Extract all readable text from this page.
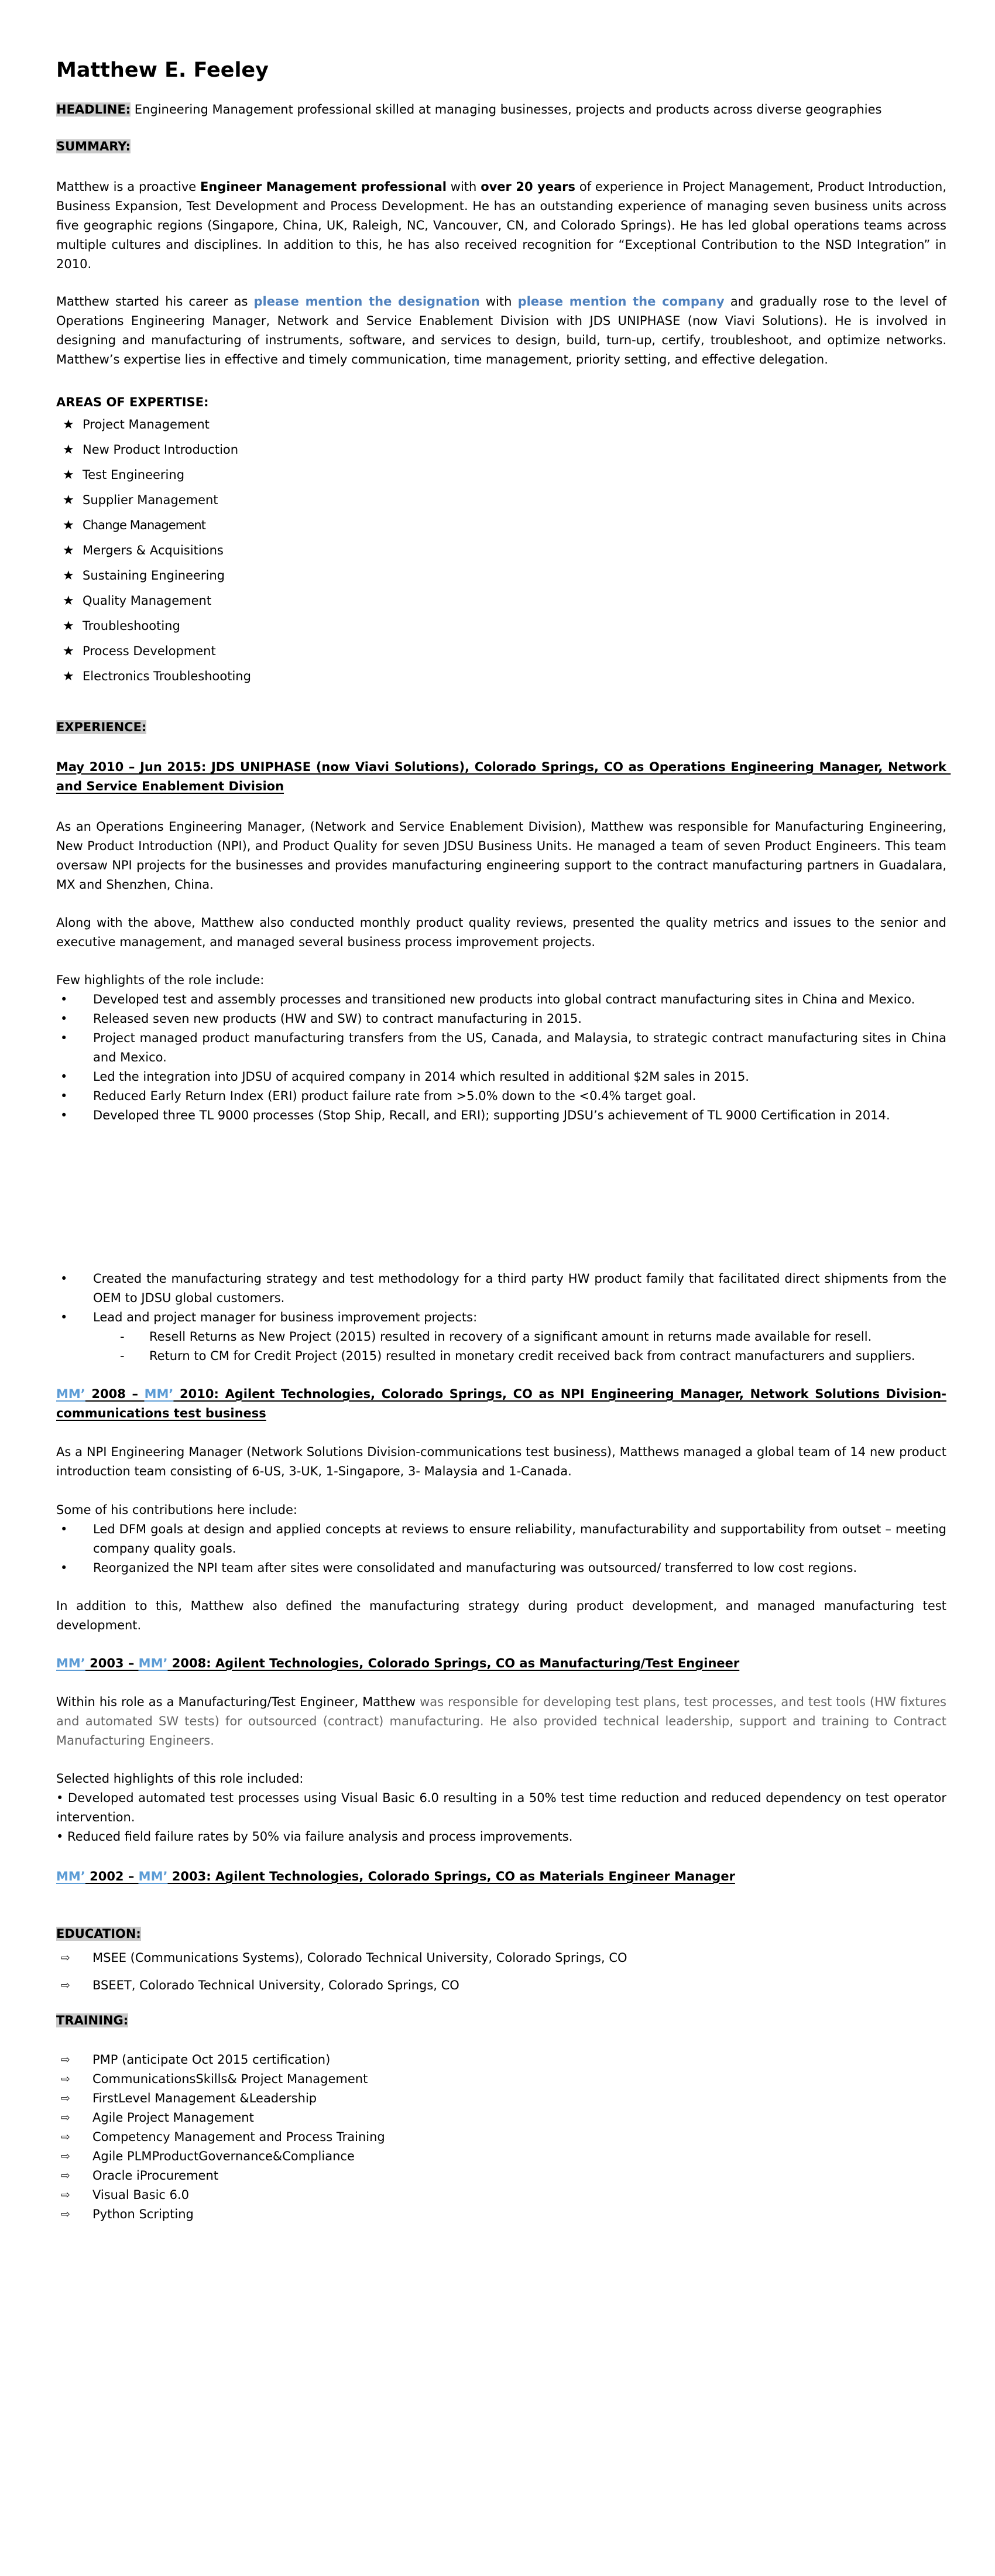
Matthew E. Feeley
HEADLINE: Engineering Management professional skilled at managing businesses, projects and products across diverse geographies
SUMMARY:
Matthew is a proactive Engineer Management professional with over 20 years of experience in Project Management, Product Introduction, Business Expansion, Test Development and Process Development. He has an outstanding experience of managing seven business units across five geographic regions (Singapore, China, UK, Raleigh, NC, Vancouver, CN, and Colorado Springs). He has led global operations teams across multiple cultures and disciplines. In addition to this, he has also received recognition for “Exceptional Contribution to the NSD Integration” in 2010.
Matthew started his career as please mention the designation with please mention the company and gradually rose to the level of Operations Engineering Manager, Network and Service Enablement Division with JDS UNIPHASE (now Viavi Solutions). He is involved in designing and manufacturing of instruments, software, and services to design, build, turn-up, certify, troubleshoot, and optimize networks. Matthew’s expertise lies in effective and timely communication, time management, priority setting, and effective delegation.
AREAS OF EXPERTISE:
★ Project Management
★ New Product Introduction
★ Test Engineering
★ Supplier Management
★ Change Management
★ Mergers & Acquisitions
★ Sustaining Engineering
★ Quality Management
★ Troubleshooting
★ Process Development
★ Electronics Troubleshooting
EXPERIENCE:
May 2010 – Jun 2015: JDS UNIPHASE (now Viavi Solutions), Colorado Springs, CO as Operations Engineering Manager, Network and Service Enablement Division
As an Operations Engineering Manager, (Network and Service Enablement Division), Matthew was responsible for Manufacturing Engineering, New Product Introduction (NPI), and Product Quality for seven JDSU Business Units. He managed a team of seven Product Engineers. This team oversaw NPI projects for the businesses and provides manufacturing engineering support to the contract manufacturing partners in Guadalara, MX and Shenzhen, China.
Along with the above, Matthew also conducted monthly product quality reviews, presented the quality metrics and issues to the senior and executive management, and managed several business process improvement projects.
Few highlights of the role include:
•	Developed test and assembly processes and transitioned new products into global contract manufacturing sites in China and Mexico.
•	Released seven new products (HW and SW) to contract manufacturing in 2015.
•	Project managed product manufacturing transfers from the US, Canada, and Malaysia, to strategic contract manufacturing sites in China and Mexico.
•	Led the integration into JDSU of acquired company in 2014 which resulted in additional $2M sales in 2015.
•	Reduced Early Return Index (ERI) product failure rate from >5.0% down to the <0.4% target goal.
•	Developed three TL 9000 processes (Stop Ship, Recall, and ERI); supporting JDSU’s achievement of TL 9000 Certification in 2014.
•	Created the manufacturing strategy and test methodology for a third party HW product family that facilitated direct shipments from the OEM to JDSU global customers.
•	Lead and project manager for business improvement projects:
-	Resell Returns as New Project (2015) resulted in recovery of a significant amount in returns made available for resell.
-	Return to CM for Credit Project (2015) resulted in monetary credit received back from contract manufacturers and suppliers.
MM’ 2008 – MM’ 2010: Agilent Technologies, Colorado Springs, CO as NPI Engineering Manager, Network Solutions Division-communications test business
As a NPI Engineering Manager (Network Solutions Division-communications test business), Matthews managed a global team of 14 new product introduction team consisting of 6-US, 3-UK, 1-Singapore, 3- Malaysia and 1-Canada.
Some of his contributions here include:
•	Led DFM goals at design and applied concepts at reviews to ensure reliability, manufacturability and supportability from outset – meeting company quality goals.
•	Reorganized the NPI team after sites were consolidated and manufacturing was outsourced/ transferred to low cost regions.
In addition to this, Matthew also defined the manufacturing strategy during product development, and managed manufacturing test development.
MM’ 2003 – MM’ 2008: Agilent Technologies, Colorado Springs, CO as Manufacturing/Test Engineer
Within his role as a Manufacturing/Test Engineer, Matthew was responsible for developing test plans, test processes, and test tools (HW fixtures and automated SW tests) for outsourced (contract) manufacturing. He also provided technical leadership, support and training to Contract Manufacturing Engineers.
Selected highlights of this role included:
• Developed automated test processes using Visual Basic 6.0 resulting in a 50% test time reduction and reduced dependency on test operator intervention.
• Reduced field failure rates by 50% via failure analysis and process improvements.
MM’ 2002 – MM’ 2003: Agilent Technologies, Colorado Springs, CO as Materials Engineer Manager
EDUCATION:
⇨	MSEE (Communications Systems), Colorado Technical University, Colorado Springs, CO
⇨	BSEET, Colorado Technical University, Colorado Springs, CO
TRAINING:
⇨	PMP (anticipate Oct 2015 certification)
⇨	CommunicationsSkills& Project Management
⇨	FirstLevel Management &Leadership
⇨	Agile Project Management
⇨	Competency Management and Process Training
⇨	Agile PLMProductGovernance&Compliance
⇨	Oracle iProcurement
⇨	Visual Basic 6.0
⇨	Python Scripting
